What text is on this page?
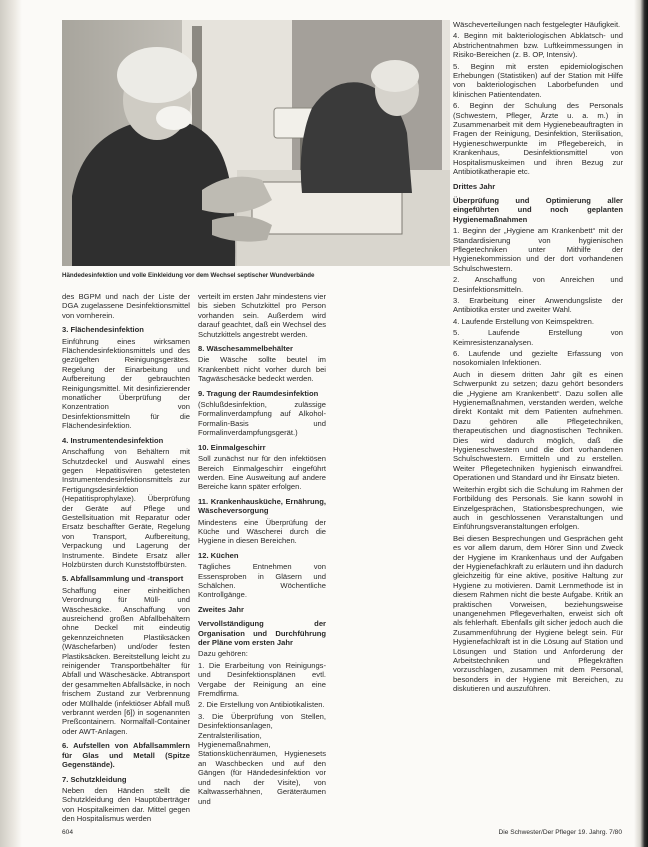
Händedesinfektion und volle Einkleidung vor dem Wechsel septischer Wundverbände

des BGPM und nach der Liste der DGA zugelassene Desinfektionsmittel von vornherein.

3. Flächendesinfektion

Einführung eines wirksamen Flächendesinfektionsmittels und des gezügelten Reinigungsgerätes. Regelung der Einarbeitung und Aufbereitung der gebrauchten Reinigungsmittel. Mit desinfizierender monatlicher Überprüfung der Konzentration von Desinfektionsmitteln für die Flächendesinfektion.

4. Instrumentendesinfektion

Anschaffung von Behältern mit Schutzdeckel und Auswahl eines gegen Hepatitisviren getesteten Instrumentendesinfektionsmittels zur Fertigungsdesinfektion (Hepatitisprophylaxe). Überprüfung der Geräte auf Pflege und Gestellsituation mit Reparatur oder Ersatz beschaffter Geräte, Regelung von Transport, Aufbereitung, Verpackung und Lagerung der Instrumente. Bindete Ersatz aller Holzbürsten durch Kunststoffbürsten.

5. Abfallsammlung und -transport

Schaffung einer einheitlichen Verordnung für Müll- und Wäschesäcke. Anschaffung von ausreichend großen Abfallbehältern ohne Deckel mit eindeutig gekennzeichneten Plastiksäcken (Wäschefarben) und/oder festen Plastiksäcken. Bereitstellung leicht zu reinigender Transportbehälter für Abfall und Wäschesäcke. Abtransport der gesammelten Abfallsäcke, in noch frischem Zustand zur Verbrennung oder Müllhalde (infektiöser Abfall muß verbrannt werden [6]) in sogenannten Preßcontainern. Normalfall-Container oder AWT-Anlagen.

6. Aufstellen von Abfallsammlern für Glas und Metall (Spitze Gegenstände).

7. Schutzkleidung

Neben den Händen stellt die Schutzkleidung den Hauptüberträger von Hospitalkeimen dar. Mittel gegen den Hospitalismus werden

verteilt im ersten Jahr mindestens vier bis sieben Schutzkittel pro Person vorhanden sein. Außerdem wird darauf geachtet, daß ein Wechsel des Schutzkittels angestrebt werden.

8. Wäschesammelbehälter

Die Wäsche sollte beutel im Krankenbett nicht vorher durch bei Tagwäschesäcke bedeckt werden.

9. Tragung der Raumdesinfektion

(Schlußdesinfektion, zulässige Formalinverdampfung auf Alkohol-Formalin-Basis und Formalinverdampfungsgerät.)

10. Einmalgeschirr

Soll zunächst nur für den infektiösen Bereich Einmalgeschirr eingeführt werden. Eine Ausweitung auf andere Bereiche kann später erfolgen.

11. Krankenhausküche, Ernährung, Wäscheversorgung

Mindestens eine Überprüfung der Küche und Wäscherei durch die Hygiene in diesen Bereichen.

12. Küchen

Tägliches Entnehmen von Essensproben in Gläsern und Schälchen. Wöchentliche Kontrollgänge.

Zweites Jahr

Vervollständigung der Organisation und Durchführung der Pläne vom ersten Jahr

Dazu gehören:

1. Die Erarbeitung von Reinigungs- und Desinfektionsplänen evtl. Vergabe der Reinigung an eine Fremdfirma.

2. Die Erstellung von Antibiotikalisten.

3. Die Überprüfung von Stellen, Desinfektionsanlagen, Zentralsterilisation, Hygienemaßnahmen, Stationsküchenräumen, Hygienesets an Waschbecken und auf den Gängen (für Händedesinfektion vor und nach der Visite), von Kaltwasserhähnen, Geräteräumen und

Wäscheverteilungen nach festgelegter Häufigkeit.

4. Beginn mit bakteriologischen Abklatsch- und Abstrichentnahmen bzw. Luftkeimmessungen in Risiko-Bereichen (z. B. OP, Intensiv).

5. Beginn mit ersten epidemiologischen Erhebungen (Statistiken) auf der Station mit Hilfe von bakteriologischen Laborbefunden und klinischen Patientendaten.

6. Beginn der Schulung des Personals (Schwestern, Pfleger, Ärzte u. a. m.) in Zusammenarbeit mit dem Hygienebeauftragten in Fragen der Reinigung, Desinfektion, Sterilisation, Hygieneschwerpunkte im Pflegebereich, in Krankenhaus, Desinfektionsmittel von Hospitalismuskeimen und ihren Bezug zur Antibiotikatherapie etc.

Drittes Jahr

Überprüfung und Optimierung aller eingeführten und noch geplanten Hygienemaßnahmen

1. Beginn der „Hygiene am Krankenbett“ mit der Standardisierung von hygienischen Pflegetechniken unter Mithilfe der Hygienekommission und der dort vorhandenen Schulschwestern.

2. Anschaffung von Anreichen und Desinfektionsmitteln.

3. Erarbeitung einer Anwendungsliste der Antibiotika erster und zweiter Wahl.

4. Laufende Erstellung von Keimspektren.

5. Laufende Erstellung von Keimresistenzanalysen.

6. Laufende und gezielte Erfassung von nosokomialen Infektionen.

Auch in diesem dritten Jahr gilt es einen Schwerpunkt zu setzen; dazu gehört besonders die „Hygiene am Krankenbett“. Dazu sollen alle Hygienemaßnahmen, verstanden werden, welche direkt Kontakt mit dem Patienten aufnehmen. Dazu gehören alle Pflegetechniken, therapeutischen und diagnostischen Techniken. Dies wird dadurch möglich, daß die Hygieneschwestern und die dort vorhandenen Schulschwestern. Ermitteln und zu erstellen. Weiter Pflegetechniken hygienisch einwandfrei. Operationen und Standard und ihr Einsatz bieten.

Weiterhin ergibt sich die Schulung im Rahmen der Fortbildung des Personals. Sie kann sowohl in Einzelgesprächen, Stationsbesprechungen, wie auch in geschlossenen Veranstaltungen und Einführungsveranstaltungen erfolgen.

Bei diesen Besprechungen und Gesprächen geht es vor allem darum, dem Hörer Sinn und Zweck der Hygiene im Krankenhaus und der Aufgaben der Hygienefachkraft zu erläutern und ihn dadurch gleichzeitig für eine aktive, positive Haltung zur Hygiene zu motivieren. Damit Lernmethode ist in diesem Rahmen nicht die beste Aufgabe. Kritik an praktischen Vorweisen, beziehungsweise unangenehmen Pflegeverhalten, erweist sich oft als fehlerhaft. Ebenfalls gilt sicher jedoch auch die Zusammenführung der Hygiene belegt sein. Für Hygienefachkraft ist in die Lösung auf Station und Lösungen und Station und Anforderung der Arbeitstechniken und Pflegekräften vorzuschlagen, zusammen mit dem Personal, besonders in der Hygiene mit Bereichen, zu diskutieren und auszuführen.

604	Die Schwester/Der Pfleger 19. Jahrg. 7/80
